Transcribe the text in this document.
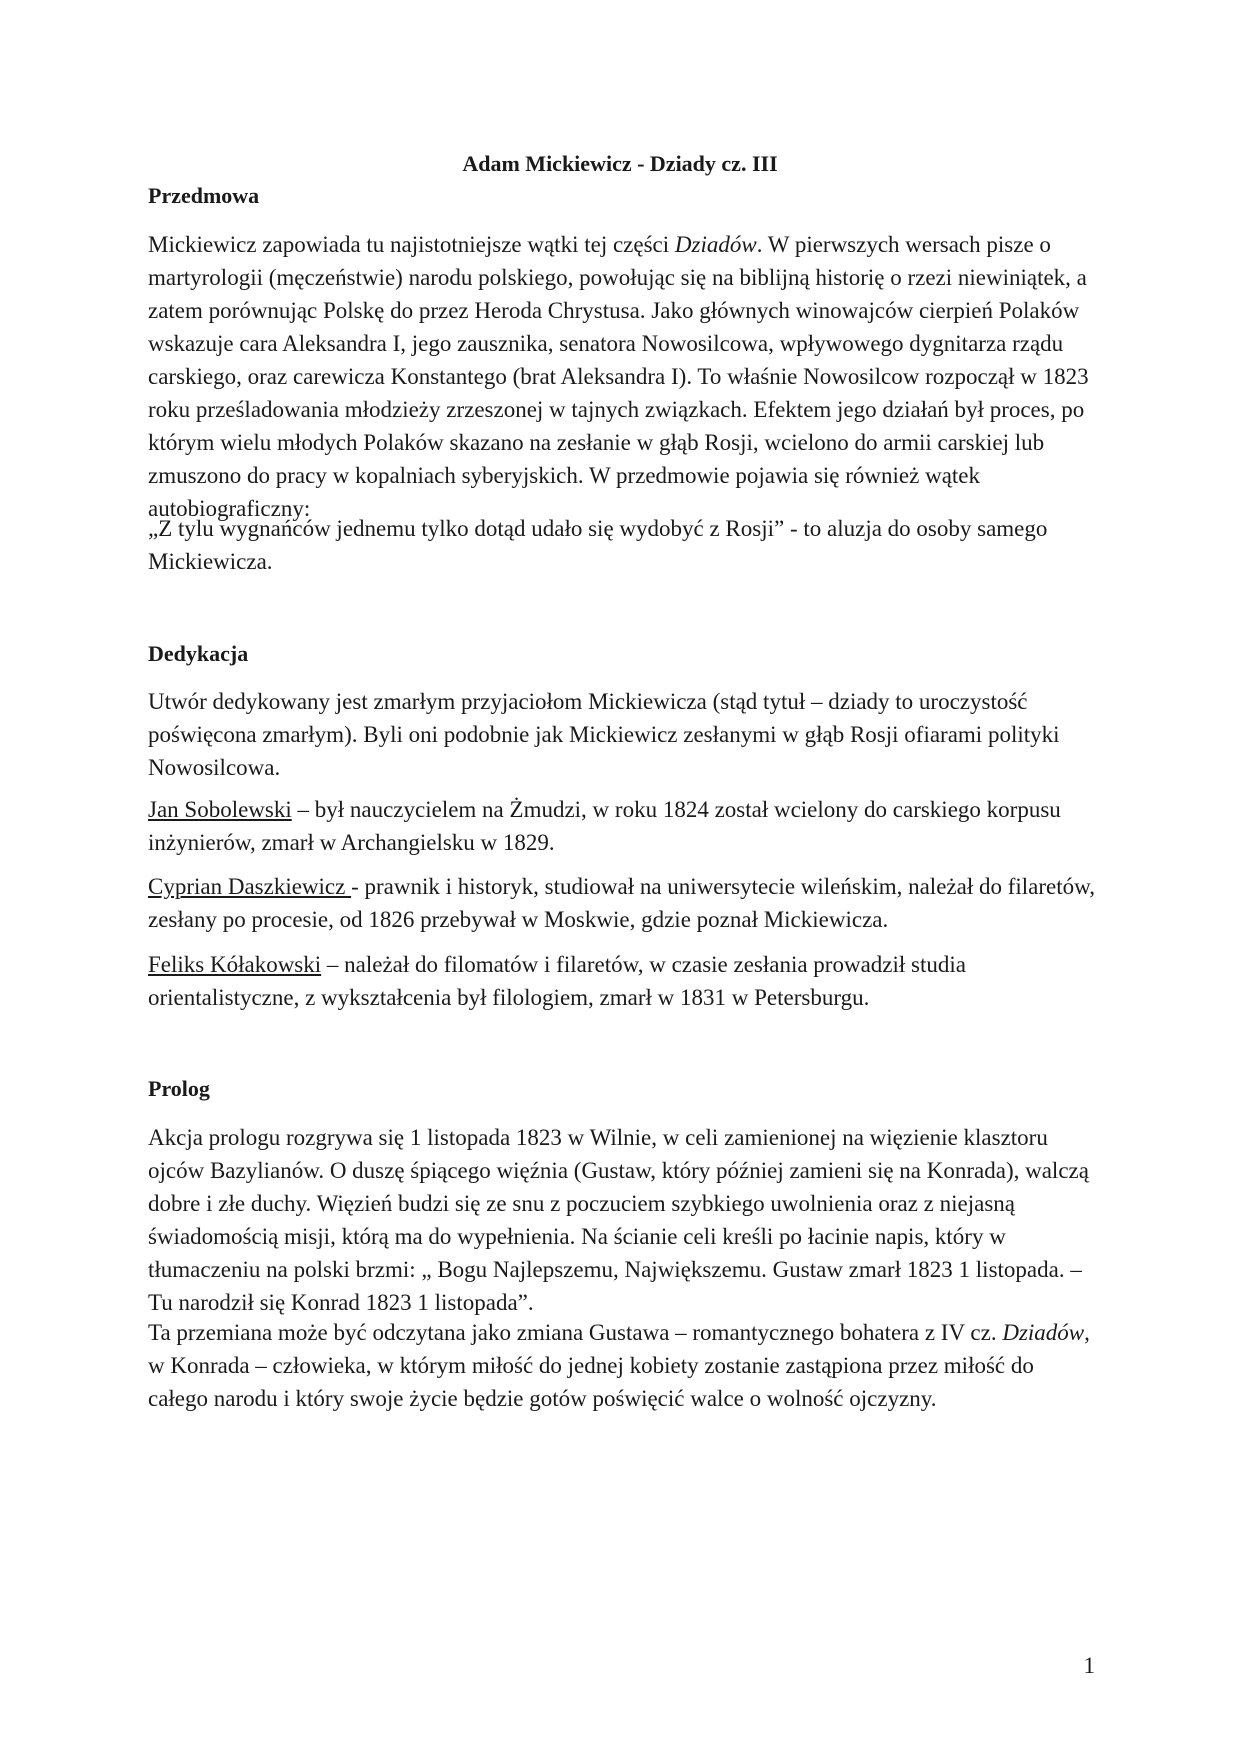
Adam Mickiewicz - Dziady cz. III
Przedmowa

Mickiewicz zapowiada tu najistotniejsze wątki tej części Dziadów. W pierwszych wersach pisze o martyrologii (męczeństwie) narodu polskiego, powołując się na biblijną historię o rzezi niewiniątek, a zatem porównując Polskę do przez Heroda Chrystusa. Jako głównych winowajców cierpień Polaków wskazuje cara Aleksandra I, jego zausznika, senatora Nowosilcowa, wpływowego dygnitarza rządu carskiego, oraz carewicza Konstantego (brat Aleksandra I). To właśnie Nowosilcow rozpoczął w 1823 roku prześladowania młodzieży zrzeszonej w tajnych związkach. Efektem jego działań był proces, po którym wielu młodych Polaków skazano na zesłanie w głąb Rosji, wcielono do armii carskiej lub zmuszono do pracy w kopalniach syberyjskich. W przedmowie pojawia się również wątek autobiograficzny:

„Z tylu wygnańców jednemu tylko dotąd udało się wydobyć z Rosji” - to aluzja do osoby samego Mickiewicza.

Dedykacja

Utwór dedykowany jest zmarłym przyjaciołom Mickiewicza (stąd tytuł – dziady to uroczystość poświęcona zmarłym). Byli oni podobnie jak Mickiewicz zesłanymi w głąb Rosji ofiarami polityki Nowosilcowa.

Jan Sobolewski – był nauczycielem na Żmudzi, w roku 1824 został wcielony do carskiego korpusu inżynierów, zmarł w Archangielsku w 1829.

Cyprian Daszkiewicz - prawnik i historyk, studiował na uniwersytecie wileńskim, należał do filaretów, zesłany po procesie, od 1826 przebywał w Moskwie, gdzie poznał Mickiewicza.

Feliks Kółakowski – należał do filomatów i filaretów, w czasie zesłania prowadził studia orientalistyczne, z wykształcenia był filologiem, zmarł w 1831 w Petersburgu.

Prolog

Akcja prologu rozgrywa się 1 listopada 1823 w Wilnie, w celi zamienionej na więzienie klasztoru ojców Bazylianów. O duszę śpiącego więźnia (Gustaw, który później zamieni się na Konrada), walczą dobre i złe duchy. Więzień budzi się ze snu z poczuciem szybkiego uwolnienia oraz z niejasną świadomością misji, którą ma do wypełnienia. Na ścianie celi kreśli po łacinie napis, który w tłumaczeniu na polski brzmi: „ Bogu Najlepszemu, Największemu. Gustaw zmarł 1823 1 listopada. – Tu narodził się Konrad 1823 1 listopada”.

Ta przemiana może być odczytana jako zmiana Gustawa – romantycznego bohatera z IV cz. Dziadów, w Konrada – człowieka, w którym miłość do jednej kobiety zostanie zastąpiona przez miłość do całego narodu i który swoje życie będzie gotów poświęcić walce o wolność ojczyzny.

1
